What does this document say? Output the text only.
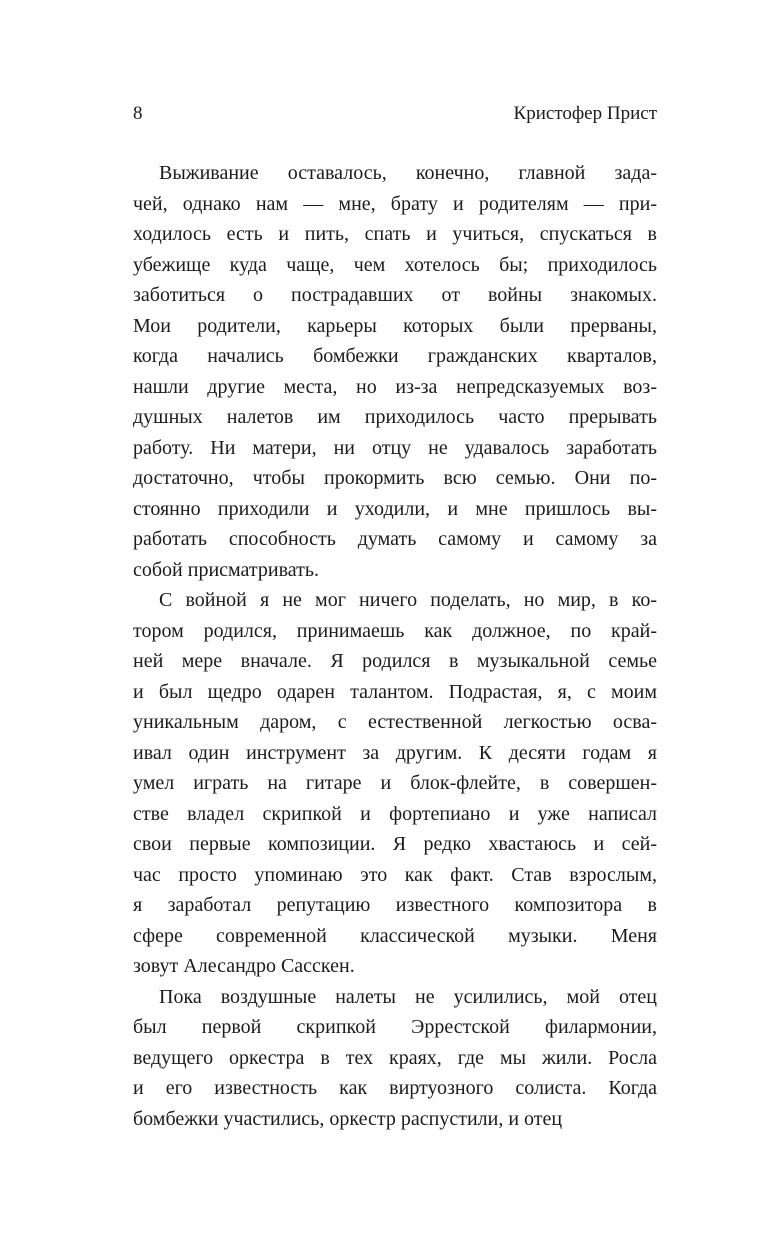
8	Кристофер Прист
Выживание оставалось, конечно, главной зада-
чей, однако нам — мне, брату и родителям — при-
ходилось есть и пить, спать и учиться, спускаться в
убежище куда чаще, чем хотелось бы; приходилось
заботиться о пострадавших от войны знакомых.
Мои родители, карьеры которых были прерваны,
когда начались бомбежки гражданских кварталов,
нашли другие места, но из-за непредсказуемых воз-
душных налетов им приходилось часто прерывать
работу. Ни матери, ни отцу не удавалось заработать
достаточно, чтобы прокормить всю семью. Они по-
стоянно приходили и уходили, и мне пришлось вы-
работать способность думать самому и самому за
собой присматривать.
С войной я не мог ничего поделать, но мир, в ко-
тором родился, принимаешь как должное, по край-
ней мере вначале. Я родился в музыкальной семье
и был щедро одарен талантом. Подрастая, я, с моим
уникальным даром, с естественной легкостью осва-
ивал один инструмент за другим. К десяти годам я
умел играть на гитаре и блок-флейте, в совершен-
стве владел скрипкой и фортепиано и уже написал
свои первые композиции. Я редко хвастаюсь и сей-
час просто упоминаю это как факт. Став взрослым,
я заработал репутацию известного композитора в
сфере современной классической музыки. Меня
зовут Алесандро Сасскен.
Пока воздушные налеты не усилились, мой отец
был первой скрипкой Эррестской филармонии,
ведущего оркестра в тех краях, где мы жили. Росла
и его известность как виртуозного солиста. Когда
бомбежки участились, оркестр распустили, и отец
